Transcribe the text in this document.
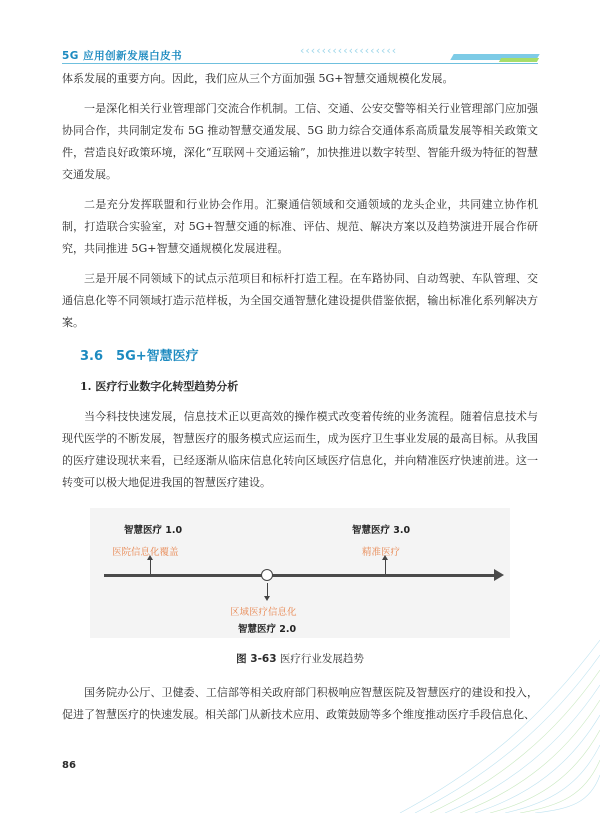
5G 应用创新发展白皮书	‹‹‹‹‹‹‹‹‹‹‹‹‹‹‹‹‹‹

体系发展的重要方向。因此，我们应从三个方面加强 5G+智慧交通规模化发展。

一是深化相关行业管理部门交流合作机制。工信、交通、公安交警等相关行业管理部门应加强协同合作，共同制定发布 5G 推动智慧交通发展、5G 助力综合交通体系高质量发展等相关政策文件，营造良好政策环境，深化“互联网＋交通运输”，加快推进以数字转型、智能升级为特征的智慧交通发展。

二是充分发挥联盟和行业协会作用。汇聚通信领域和交通领域的龙头企业，共同建立协作机制，打造联合实验室，对 5G+智慧交通的标准、评估、规范、解决方案以及趋势演进开展合作研究，共同推进 5G+智慧交通规模化发展进程。

三是开展不同领域下的试点示范项目和标杆打造工程。在车路协同、自动驾驶、车队管理、交通信息化等不同领域打造示范样板，为全国交通智慧化建设提供借鉴依据，输出标准化系列解决方案。

3.6　5G+智慧医疗
1. 医疗行业数字化转型趋势分析

当今科技快速发展，信息技术正以更高效的操作模式改变着传统的业务流程。随着信息技术与现代医学的不断发展，智慧医疗的服务模式应运而生，成为医疗卫生事业发展的最高目标。从我国的医疗建设现状来看，已经逐渐从临床信息化转向区域医疗信息化，并向精准医疗快速前进。这一转变可以极大地促进我国的智慧医疗建设。

智慧医疗 1.0
医院信息化覆盖
区域医疗信息化
智慧医疗 2.0
智慧医疗 3.0
精准医疗
图 3-63 医疗行业发展趋势

国务院办公厅、卫健委、工信部等相关政府部门积极响应智慧医院及智慧医疗的建设和投入，促进了智慧医疗的快速发展。相关部门从新技术应用、政策鼓励等多个维度推动医疗手段信息化、

86
